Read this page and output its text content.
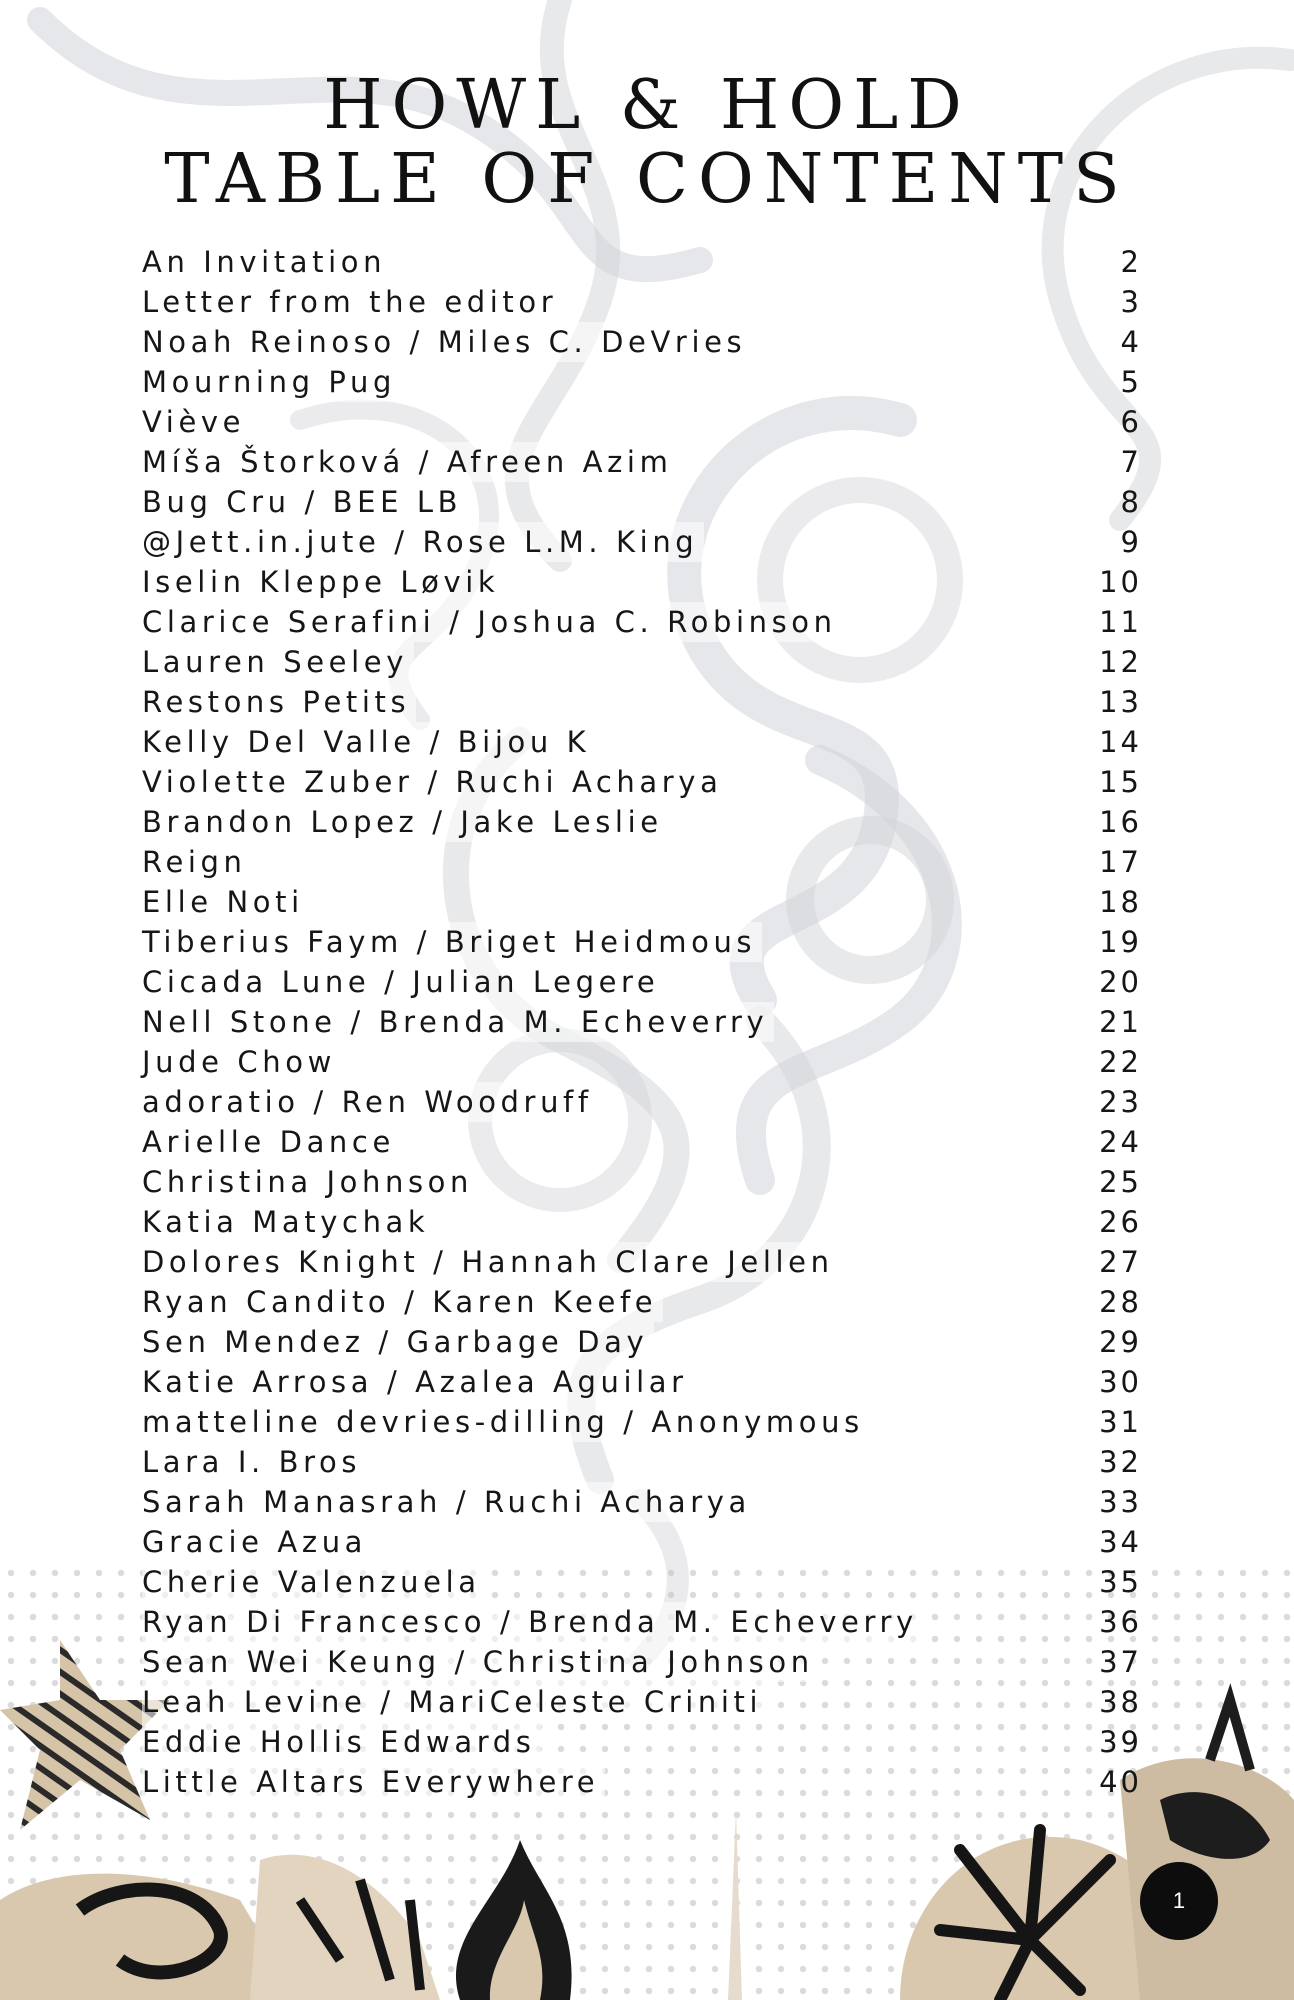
HOWL & HOLD
TABLE OF CONTENTS
An Invitation	2
Letter from the editor	3
Noah Reinoso / Miles C. DeVries	4
Mourning Pug	5
Viève	6
Míša Štorková / Afreen Azim	7
Bug Cru / BEE LB	8
@Jett.in.jute / Rose L.M. King	9
Iselin Kleppe Løvik	10
Clarice Serafini / Joshua C. Robinson	11
Lauren Seeley	12
Restons Petits	13
Kelly Del Valle / Bijou K	14
Violette Zuber / Ruchi Acharya	15
Brandon Lopez / Jake Leslie	16
Reign	17
Elle Noti	18
Tiberius Faym / Briget Heidmous	19
Cicada Lune / Julian Legere	20
Nell Stone / Brenda M. Echeverry	21
Jude Chow	22
adoratio / Ren Woodruff	23
Arielle Dance	24
Christina Johnson	25
Katia Matychak	26
Dolores Knight / Hannah Clare Jellen	27
Ryan Candito / Karen Keefe	28
Sen Mendez / Garbage Day	29
Katie Arrosa / Azalea Aguilar	30
matteline devries-dilling / Anonymous	31
Lara I. Bros	32
Sarah Manasrah / Ruchi Acharya	33
Gracie Azua	34
Cherie Valenzuela	35
Ryan Di Francesco / Brenda M. Echeverry	36
Sean Wei Keung / Christina Johnson	37
Leah Levine / MariCeleste Criniti	38
Eddie Hollis Edwards	39
Little Altars Everywhere	40
1
